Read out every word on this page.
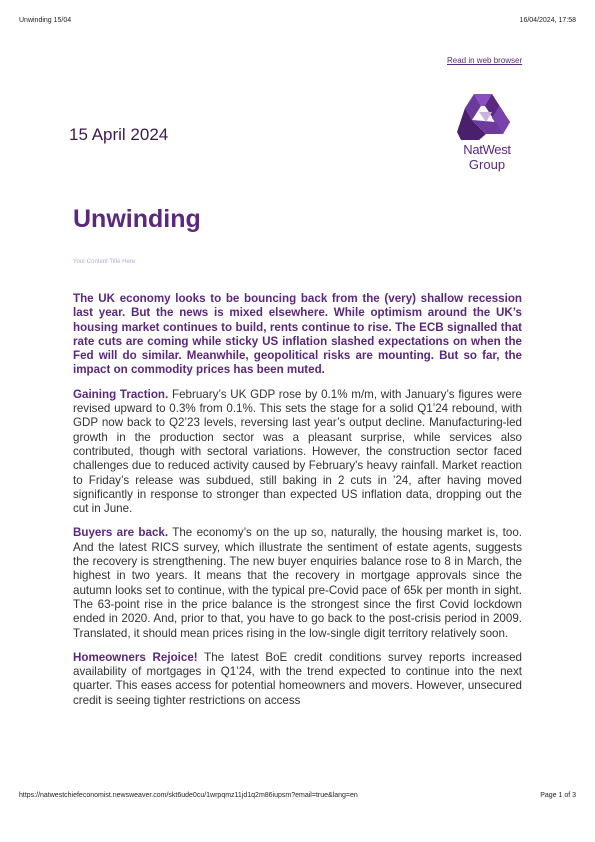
Unwinding 15/04	16/04/2024, 17:58
Read in web browser
15 April 2024
NatWest
Group
Unwinding
Your Content Title Here

The UK economy looks to be bouncing back from the (very) shallow recession last year. But the news is mixed elsewhere. While optimism around the UK’s housing market continues to build, rents continue to rise. The ECB signalled that rate cuts are coming while sticky US inflation slashed expectations on when the Fed will do similar. Meanwhile, geopolitical risks are mounting. But so far, the impact on commodity prices has been muted.

Gaining Traction. February’s UK GDP rose by 0.1% m/m, with January’s figures were revised upward to 0.3% from 0.1%. This sets the stage for a solid Q1’24 rebound, with GDP now back to Q2’23 levels, reversing last year’s output decline. Manufacturing-led growth in the production sector was a pleasant surprise, while services also contributed, though with sectoral variations. However, the construction sector faced challenges due to reduced activity caused by February's heavy rainfall. Market reaction to Friday’s release was subdued, still baking in 2 cuts in ’24, after having moved significantly in response to stronger than expected US inflation data, dropping out the cut in June.

Buyers are back. The economy’s on the up so, naturally, the housing market is, too. And the latest RICS survey, which illustrate the sentiment of estate agents, suggests the recovery is strengthening. The new buyer enquiries balance rose to 8 in March, the highest in two years. It means that the recovery in mortgage approvals since the autumn looks set to continue, with the typical pre-Covid pace of 65k per month in sight. The 63-point rise in the price balance is the strongest since the first Covid lockdown ended in 2020. And, prior to that, you have to go back to the post-crisis period in 2009. Translated, it should mean prices rising in the low-single digit territory relatively soon.

Homeowners Rejoice! The latest BoE credit conditions survey reports increased availability of mortgages in Q1’24, with the trend expected to continue into the next quarter. This eases access for potential homeowners and movers. However, unsecured credit is seeing tighter restrictions on access

https://natwestchiefeconomist.newsweaver.com/skt6ude0cu/1wrpqmz11jd1q2m86iupsm?email=true&lang=en	Page 1 of 3
